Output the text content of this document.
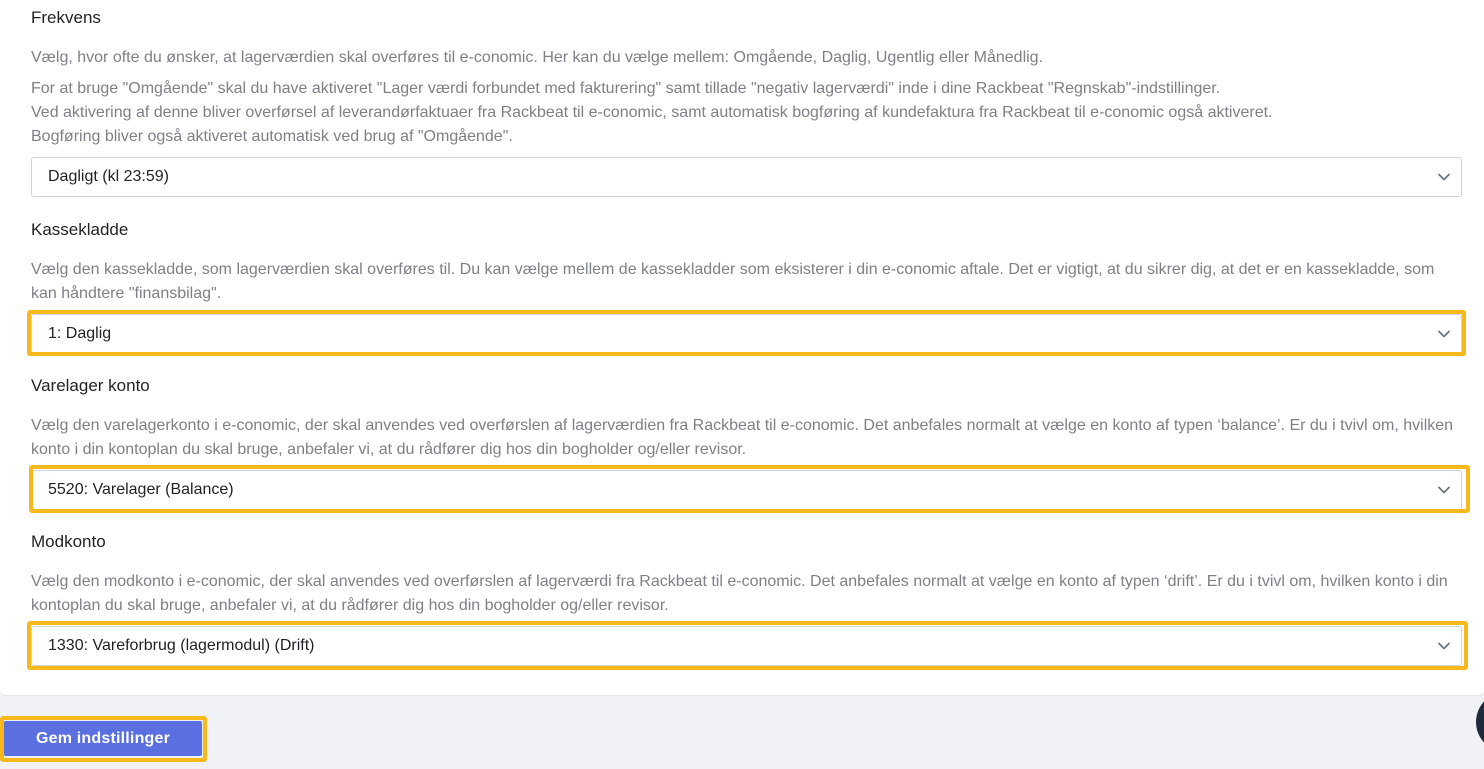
Frekvens

Vælg, hvor ofte du ønsker, at lagerværdien skal overføres til e-conomic. Her kan du vælge mellem: Omgående, Daglig, Ugentlig eller Månedlig.

For at bruge "Omgående" skal du have aktiveret "Lager værdi forbundet med fakturering" samt tillade "negativ lagerværdi" inde i dine Rackbeat "Regnskab"-indstillinger.

Ved aktivering af denne bliver overførsel af leverandørfaktuaer fra Rackbeat til e-conomic, samt automatisk bogføring af kundefaktura fra Rackbeat til e-conomic også aktiveret.

Bogføring bliver også aktiveret automatisk ved brug af "Omgående".

Dagligt (kl 23:59)
Kassekladde
Vælg den kassekladde, som lagerværdien skal overføres til. Du kan vælge mellem de kassekladder som eksisterer i din e-conomic aftale. Det er vigtigt, at du sikrer dig, at det er en kassekladde, som kan håndtere "finansbilag".
1: Daglig
Varelager konto
Vælg den varelagerkonto i e-conomic, der skal anvendes ved overførslen af lagerværdien fra Rackbeat til e-conomic. Det anbefales normalt at vælge en konto af typen ‘balance’. Er du i tvivl om, hvilken konto i din kontoplan du skal bruge, anbefaler vi, at du rådfører dig hos din bogholder og/eller revisor.
5520: Varelager (Balance)
Modkonto
Vælg den modkonto i e-conomic, der skal anvendes ved overførslen af lagerværdi fra Rackbeat til e-conomic. Det anbefales normalt at vælge en konto af typen ‘drift’. Er du i tvivl om, hvilken konto i din kontoplan du skal bruge, anbefaler vi, at du rådfører dig hos din bogholder og/eller revisor.
1330: Vareforbrug (lagermodul) (Drift)
Gem indstillinger
